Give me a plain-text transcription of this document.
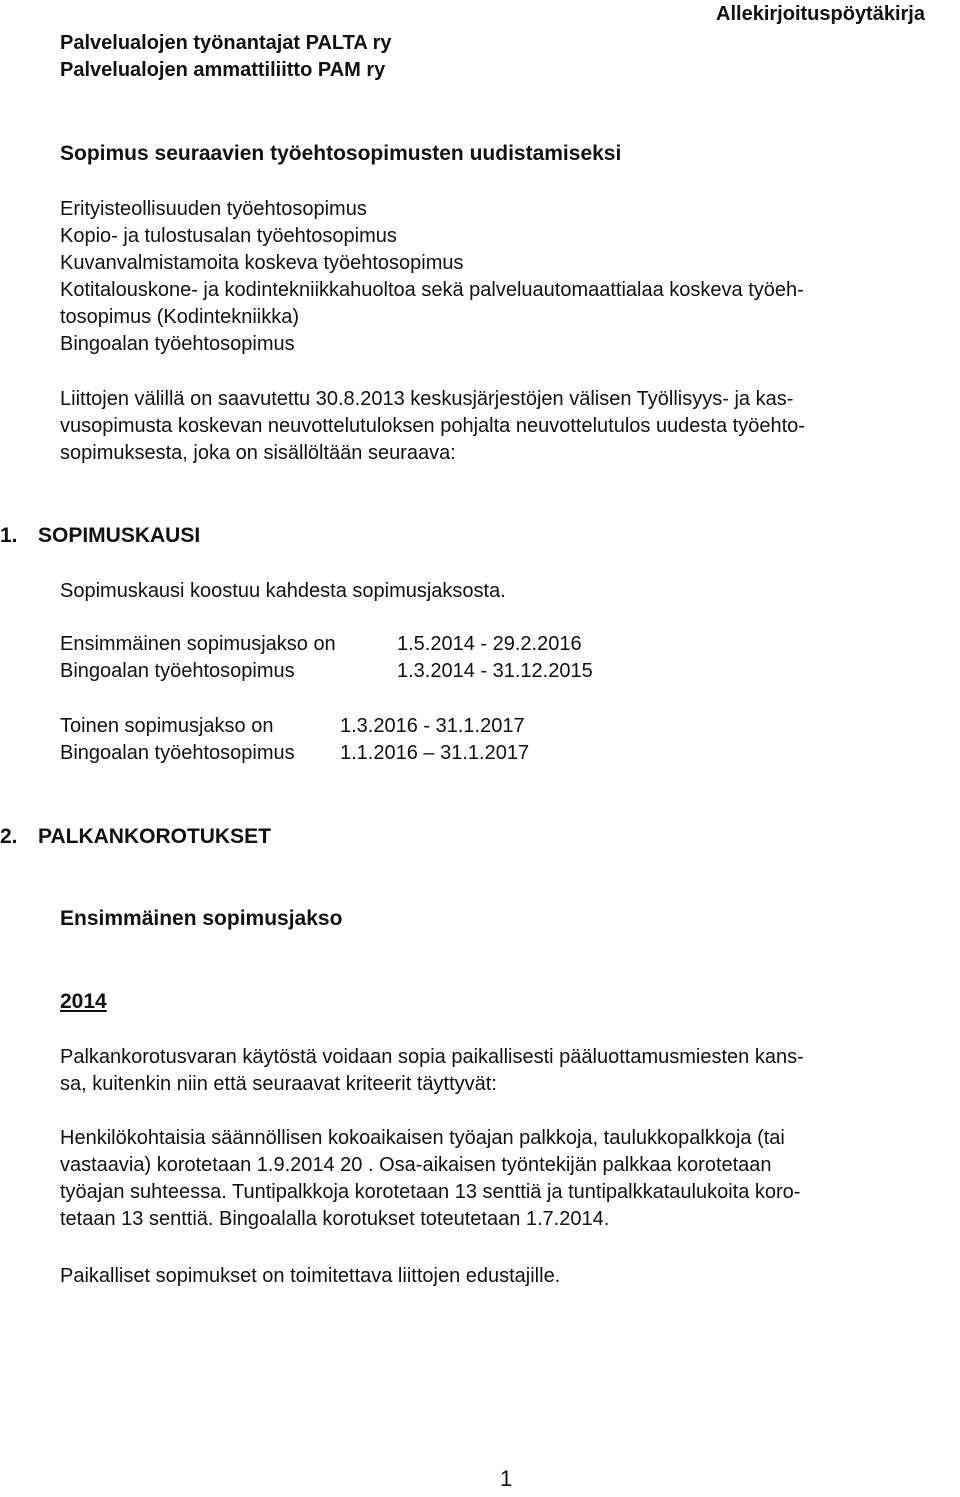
Allekirjoituspöytäkirja
Palvelualojen työnantajat PALTA ry
Palvelualojen ammattiliitto PAM ry
Sopimus seuraavien työehtosopimusten uudistamiseksi
Erityisteollisuuden työehtosopimus
Kopio- ja tulostusalan työehtosopimus
Kuvanvalmistamoita koskeva työehtosopimus
Kotitalouskone- ja kodintekniikkahuoltoa sekä palveluautomaattialaa koskeva työeh-
tosopimus (Kodintekniikka)
Bingoalan työehtosopimus
Liittojen välillä on saavutettu 30.8.2013 keskusjärjestöjen välisen Työllisyys- ja kas-
vusopimusta koskevan neuvottelutuloksen pohjalta neuvottelutulos uudesta työehto-
sopimuksesta, joka on sisällöltään seuraava:
1. SOPIMUSKAUSI
Sopimuskausi koostuu kahdesta sopimusjaksosta.
Ensimmäinen sopimusjakso on	1.5.2014 - 29.2.2016
Bingoalan työehtosopimus	1.3.2014 - 31.12.2015
Toinen sopimusjakso on	1.3.2016 - 31.1.2017
Bingoalan työehtosopimus 1.1.2016 – 31.1.2017
2. PALKANKOROTUKSET
Ensimmäinen sopimusjakso
2014
Palkankorotusvaran käytöstä voidaan sopia paikallisesti pääluottamusmiesten kans-
sa, kuitenkin niin että seuraavat kriteerit täyttyvät:
Henkilökohtaisia säännöllisen kokoaikaisen työajan palkkoja, taulukkopalkkoja (tai
vastaavia) korotetaan 1.9.2014 20 . Osa-aikaisen työntekijän palkkaa korotetaan
työajan suhteessa. Tuntipalkkoja korotetaan 13 senttiä ja tuntipalkkataulukoita koro-
tetaan 13 senttiä. Bingoalalla korotukset toteutetaan 1.7.2014.
Paikalliset sopimukset on toimitettava liittojen edustajille.
1
